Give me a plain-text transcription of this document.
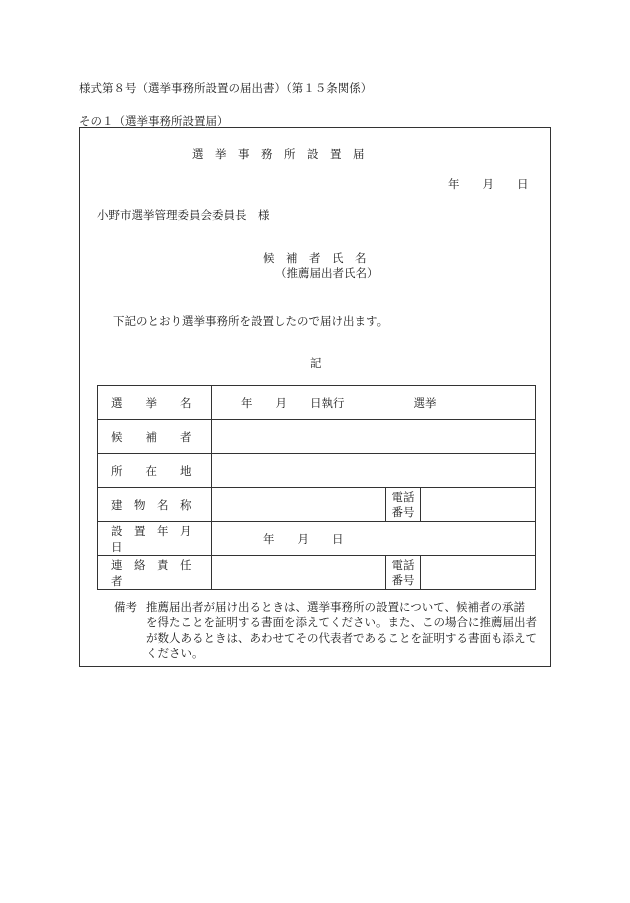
様式第８号（選挙事務所設置の届出書）（第１５条関係）
その１（選挙事務所設置届）
選　挙　事　務　所　設　置　届
年　　月　　日
小野市選挙管理委員会委員長　様
候　補　者　氏　名
（推薦届出者氏名）
下記のとおり選挙事務所を設置したので届け出ます。
記
選　　挙　　名	年　　月　　日執行　　　　　　選挙		

候　　補　　者			

所　　在　　地			

建　物　名　称		電話
番号	

設　置　年　月　日	年　　月　　日		

連　絡　責　任　者		電話
番号	
備考 推薦届出者が届け出るときは、選挙事務所の設置について、候補者の承諾
を得たことを証明する書面を添えてください。また、この場合に推薦届出者
が数人あるときは、あわせてその代表者であることを証明する書面も添えて
ください。
